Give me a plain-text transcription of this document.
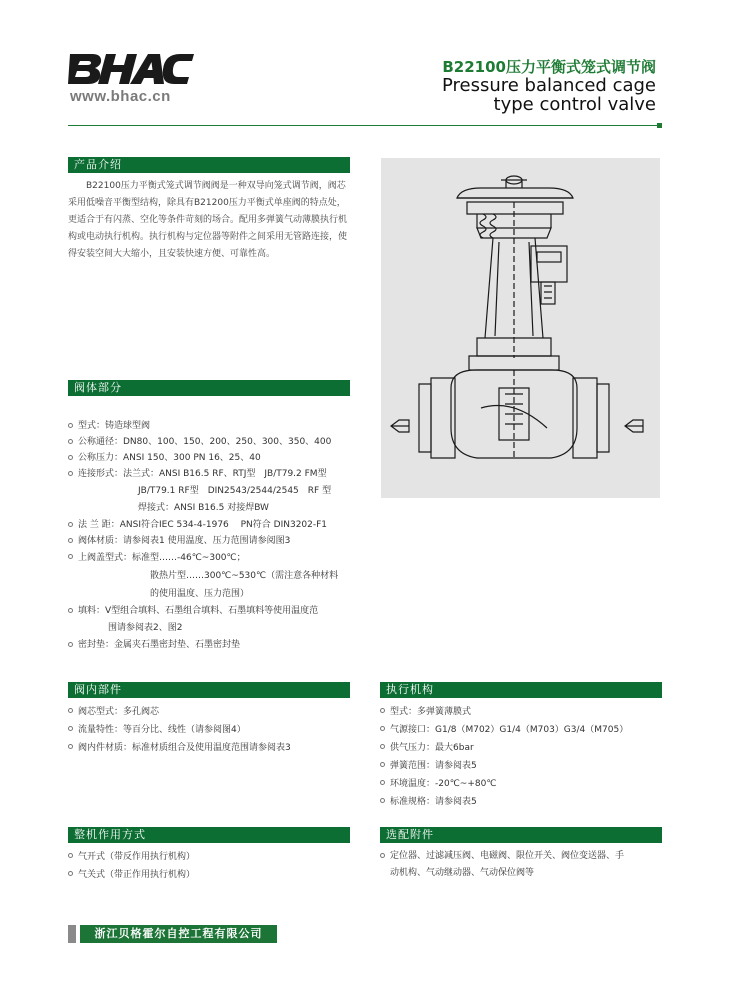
www.bhac.cn
B22100压力平衡式笼式调节阀
Pressure balanced cage
type control valve
产品介绍
B22100压力平衡式笼式调节阀阀是一种双导向笼式调节阀，阀芯采用低噪音平衡型结构，除具有B21200压力平衡式单座阀的特点处，更适合于有闪蒸、空化等条件苛刻的场合。配用多弹簧气动薄膜执行机构或电动执行机构。执行机构与定位器等附件之间采用无管路连接，使得安装空间大大缩小，且安装快速方便、可靠性高。
阀体部分
型式：铸造球型阀
公称通径：DN80、100、150、200、250、300、350、400
公称压力：ANSI 150、300 PN 16、25、40
连接形式：法兰式：ANSI B16.5 RF、RTJ型　JB/T79.2 FM型
JB/T79.1 RF型　DIN2543/2544/2545　RF 型
焊接式：ANSI B16.5 对接焊BW
法 兰 距：ANSI符合IEC 534-4-1976　 PN符合 DIN3202-F1
阀体材质：请参阅表1 使用温度、压力范围请参阅图3
上阀盖型式：标准型……-46℃~300℃；
散热片型……300℃~530℃（需注意各种材料
的使用温度、压力范围）
填料：V型组合填料、石墨组合填料、石墨填料等使用温度范
围请参阅表2、图2
密封垫：金属夹石墨密封垫、石墨密封垫
阀内部件
阀芯型式：多孔阀芯
流量特性：等百分比、线性（请参阅图4）
阀内件材质：标准材质组合及使用温度范围请参阅表3
执行机构
型式：多弹簧薄膜式
气源接口：G1/8（M702）G1/4（M703）G3/4（M705）
供气压力：最大6bar
弹簧范围：请参阅表5
环境温度：-20℃~+80℃
标准规格：请参阅表5
整机作用方式
气开式（带反作用执行机构）
气关式（带正作用执行机构）
选配附件
定位器、过滤减压阀、电磁阀、限位开关、阀位变送器、手
动机构、气动继动器、气动保位阀等
浙江贝格霍尔自控工程有限公司
